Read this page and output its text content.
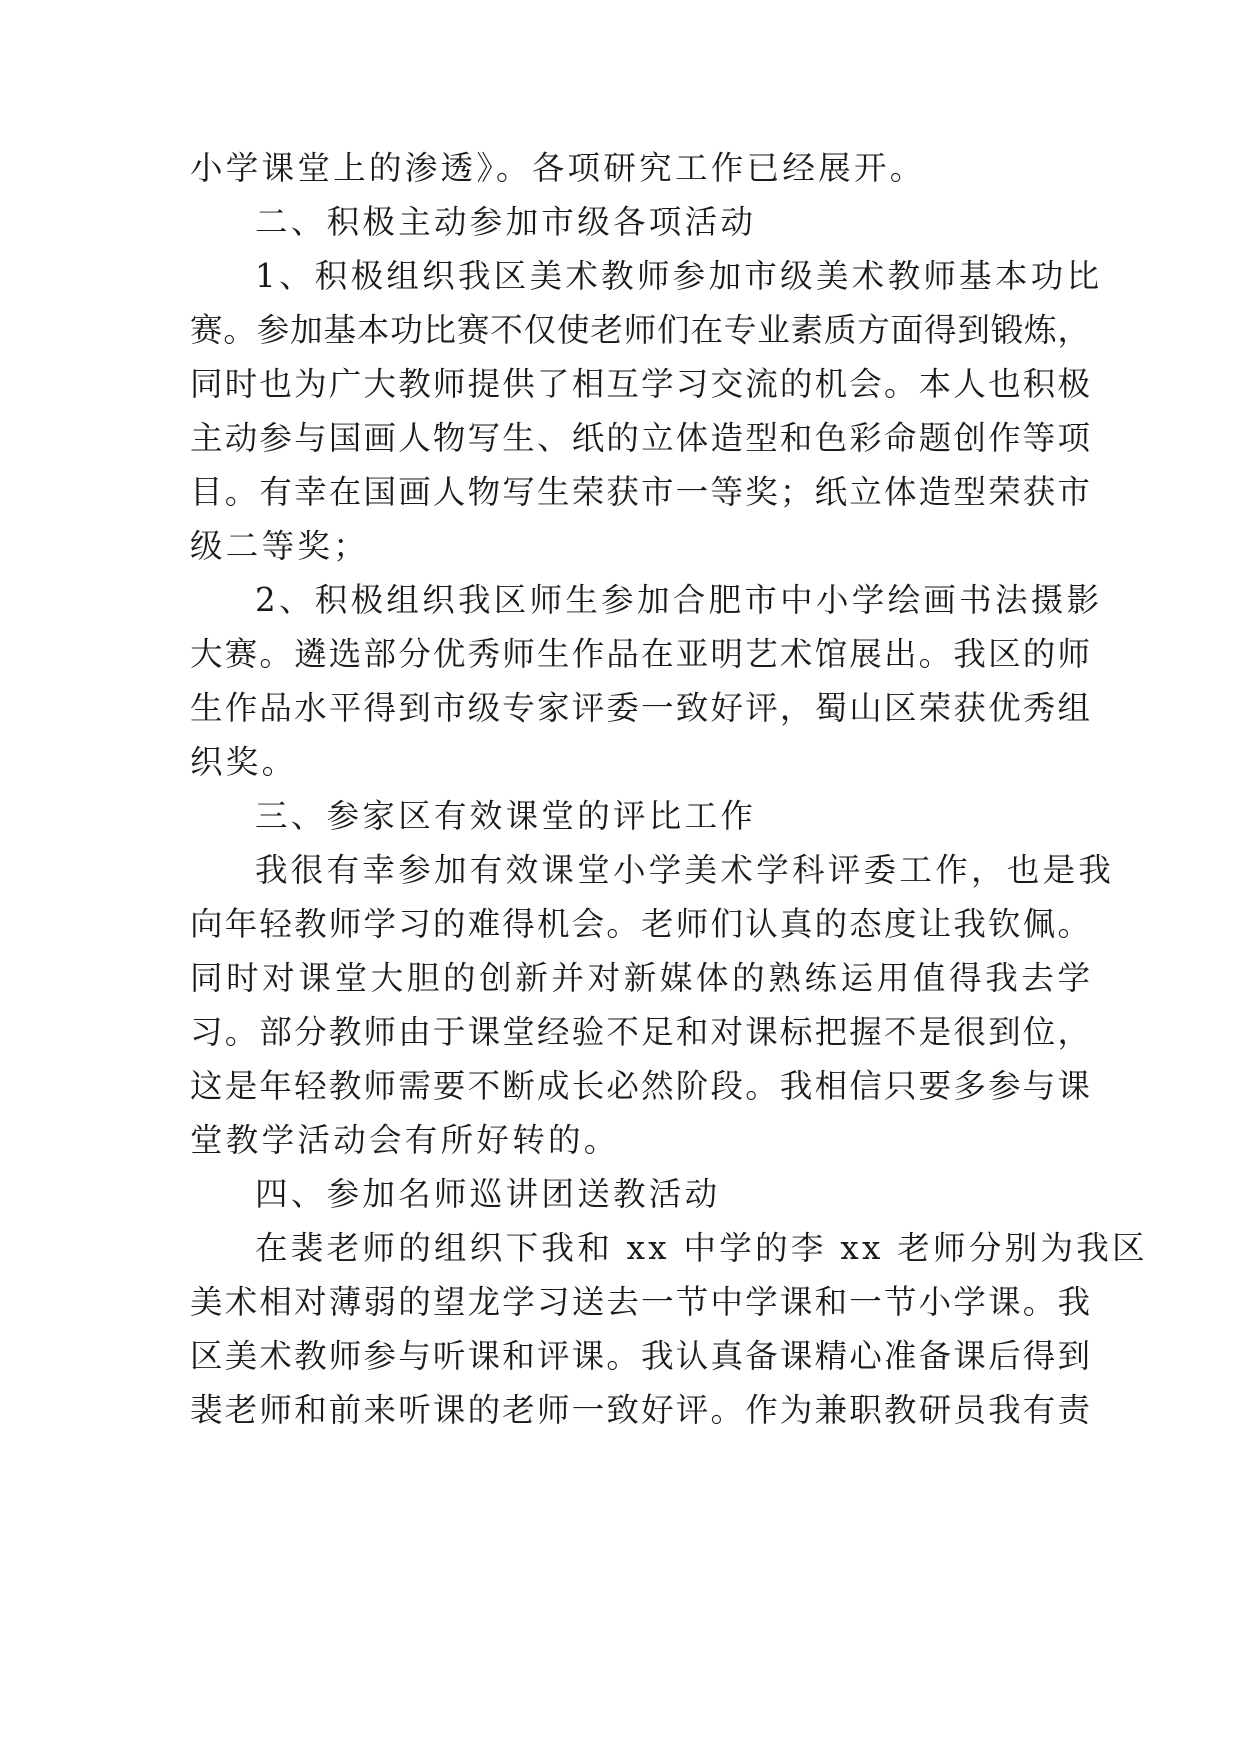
小学课堂上的渗透》。各项研究工作已经展开。

二、积极主动参加市级各项活动

1、积极组织我区美术教师参加市级美术教师基本功比

赛。参加基本功比赛不仅使老师们在专业素质方面得到锻炼，

同时也为广大教师提供了相互学习交流的机会。本人也积极

主动参与国画人物写生、纸的立体造型和色彩命题创作等项

目。有幸在国画人物写生荣获市一等奖；纸立体造型荣获市

级二等奖；

2、积极组织我区师生参加合肥市中小学绘画书法摄影

大赛。遴选部分优秀师生作品在亚明艺术馆展出。我区的师

生作品水平得到市级专家评委一致好评，蜀山区荣获优秀组

织奖。

三、参家区有效课堂的评比工作

我很有幸参加有效课堂小学美术学科评委工作，也是我

向年轻教师学习的难得机会。老师们认真的态度让我钦佩。

同时对课堂大胆的创新并对新媒体的熟练运用值得我去学

习。部分教师由于课堂经验不足和对课标把握不是很到位，

这是年轻教师需要不断成长必然阶段。我相信只要多参与课

堂教学活动会有所好转的。

四、参加名师巡讲团送教活动

在裴老师的组织下我和 xx 中学的李 xx 老师分别为我区

美术相对薄弱的望龙学习送去一节中学课和一节小学课。我

区美术教师参与听课和评课。我认真备课精心准备课后得到

裴老师和前来听课的老师一致好评。作为兼职教研员我有责
